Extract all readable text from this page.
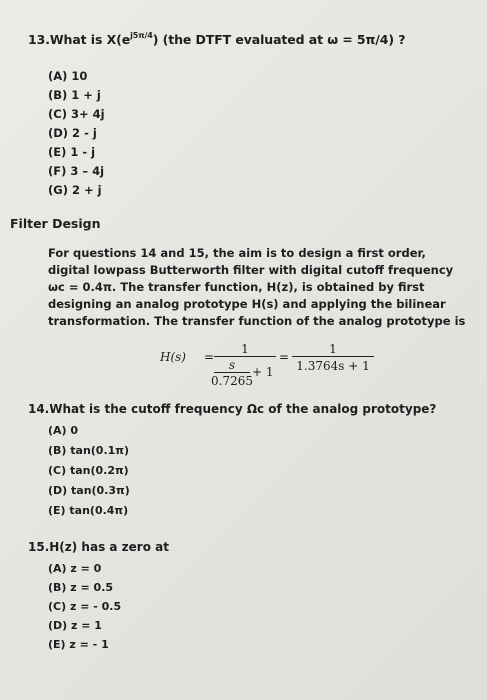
13.What is $X(e^{j5\pi/4})$ (the DTFT evaluated at ω = 5π/4) ?
(A) 10
(B) 1 + j
(C) 3+ 4j
(D) 2 - j
(E) 1 - j
(F) 3 – 4j
(G) 2 + j
Filter Design
For questions 14 and 15, the aim is to design a first order, digital lowpass Butterworth filter with digital cutoff frequency ωc = 0.4π. The transfer function, H(z), is obtained by first designing an analog prototype H(s) and applying the bilinear transformation. The transfer function of the analog prototype is
H(s) =
1
s
0.7265
+ 1
=
1
1.3764s + 1
14.What is the cutoff frequency Ωc of the analog prototype?
(A) 0
(B) tan(0.1π)
(C) tan(0.2π)
(D) tan(0.3π)
(E) tan(0.4π)
15.H(z) has a zero at
(A) z = 0
(B) z = 0.5
(C) z = - 0.5
(D) z = 1
(E) z = - 1
